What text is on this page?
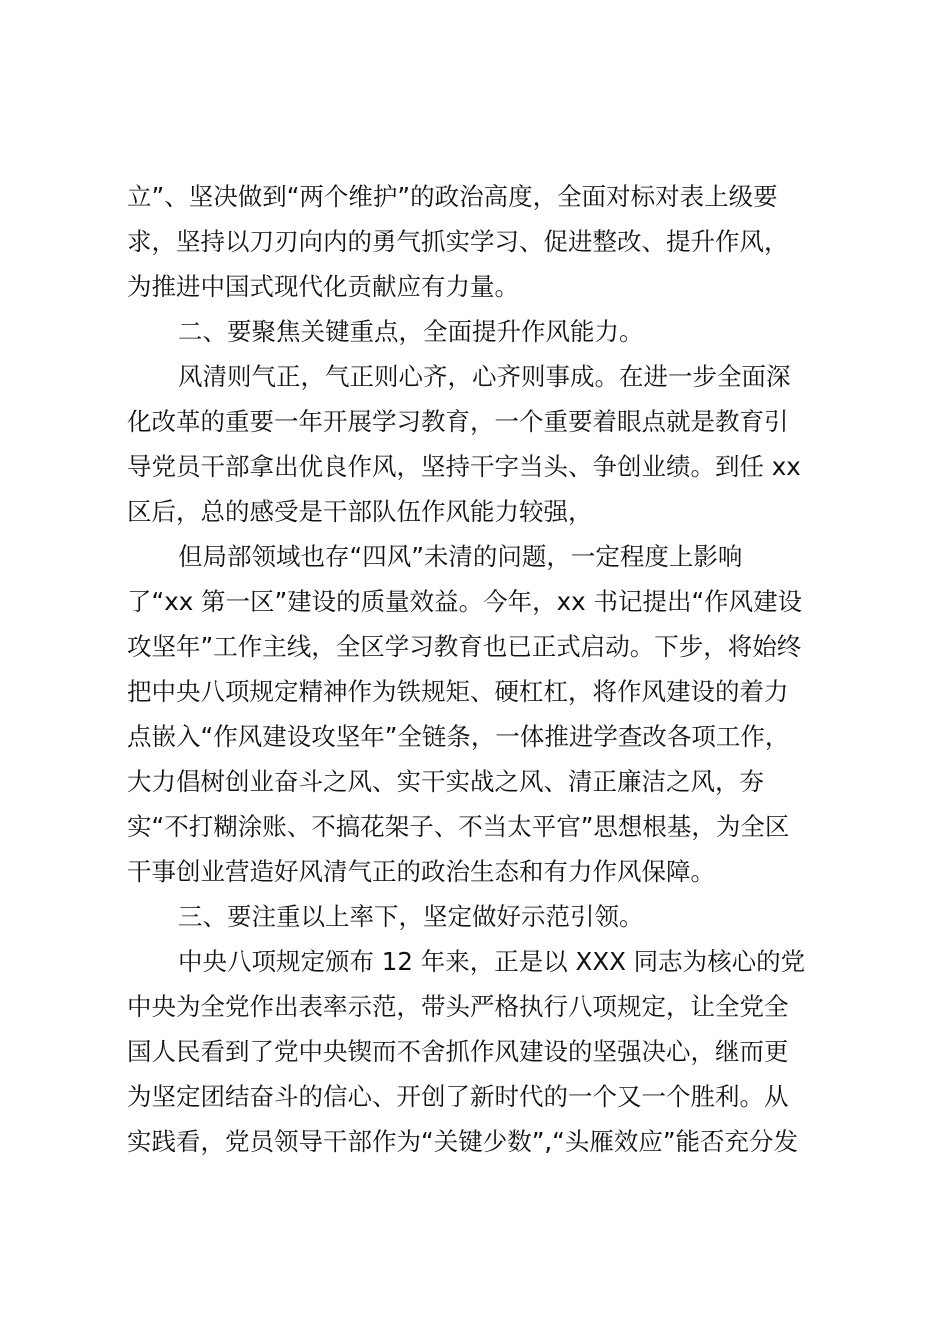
立”、坚决做到“两个维护”的政治高度，全面对标对表上级要
求，坚持以刀刃向内的勇气抓实学习、促进整改、提升作风，
为推进中国式现代化贡献应有力量。
二、要聚焦关键重点，全面提升作风能力。
风清则气正，气正则心齐，心齐则事成。在进一步全面深
化改革的重要一年开展学习教育，一个重要着眼点就是教育引
导党员干部拿出优良作风，坚持干字当头、争创业绩。到任 xx
区后，总的感受是干部队伍作风能力较强，
但局部领域也存“四风”未清的问题，一定程度上影响
了“xx 第一区”建设的质量效益。今年，xx 书记提出“作风建设
攻坚年”工作主线，全区学习教育也已正式启动。下步，将始终
把中央八项规定精神作为铁规矩、硬杠杠，将作风建设的着力
点嵌入“作风建设攻坚年”全链条，一体推进学查改各项工作，
大力倡树创业奋斗之风、实干实战之风、清正廉洁之风，夯
实“不打糊涂账、不搞花架子、不当太平官”思想根基，为全区
干事创业营造好风清气正的政治生态和有力作风保障。
三、要注重以上率下，坚定做好示范引领。
中央八项规定颁布 12 年来，正是以 XXX 同志为核心的党
中央为全党作出表率示范，带头严格执行八项规定，让全党全
国人民看到了党中央锲而不舍抓作风建设的坚强决心，继而更
为坚定团结奋斗的信心、开创了新时代的一个又一个胜利。从
实践看，党员领导干部作为“关键少数”,“头雁效应”能否充分发
